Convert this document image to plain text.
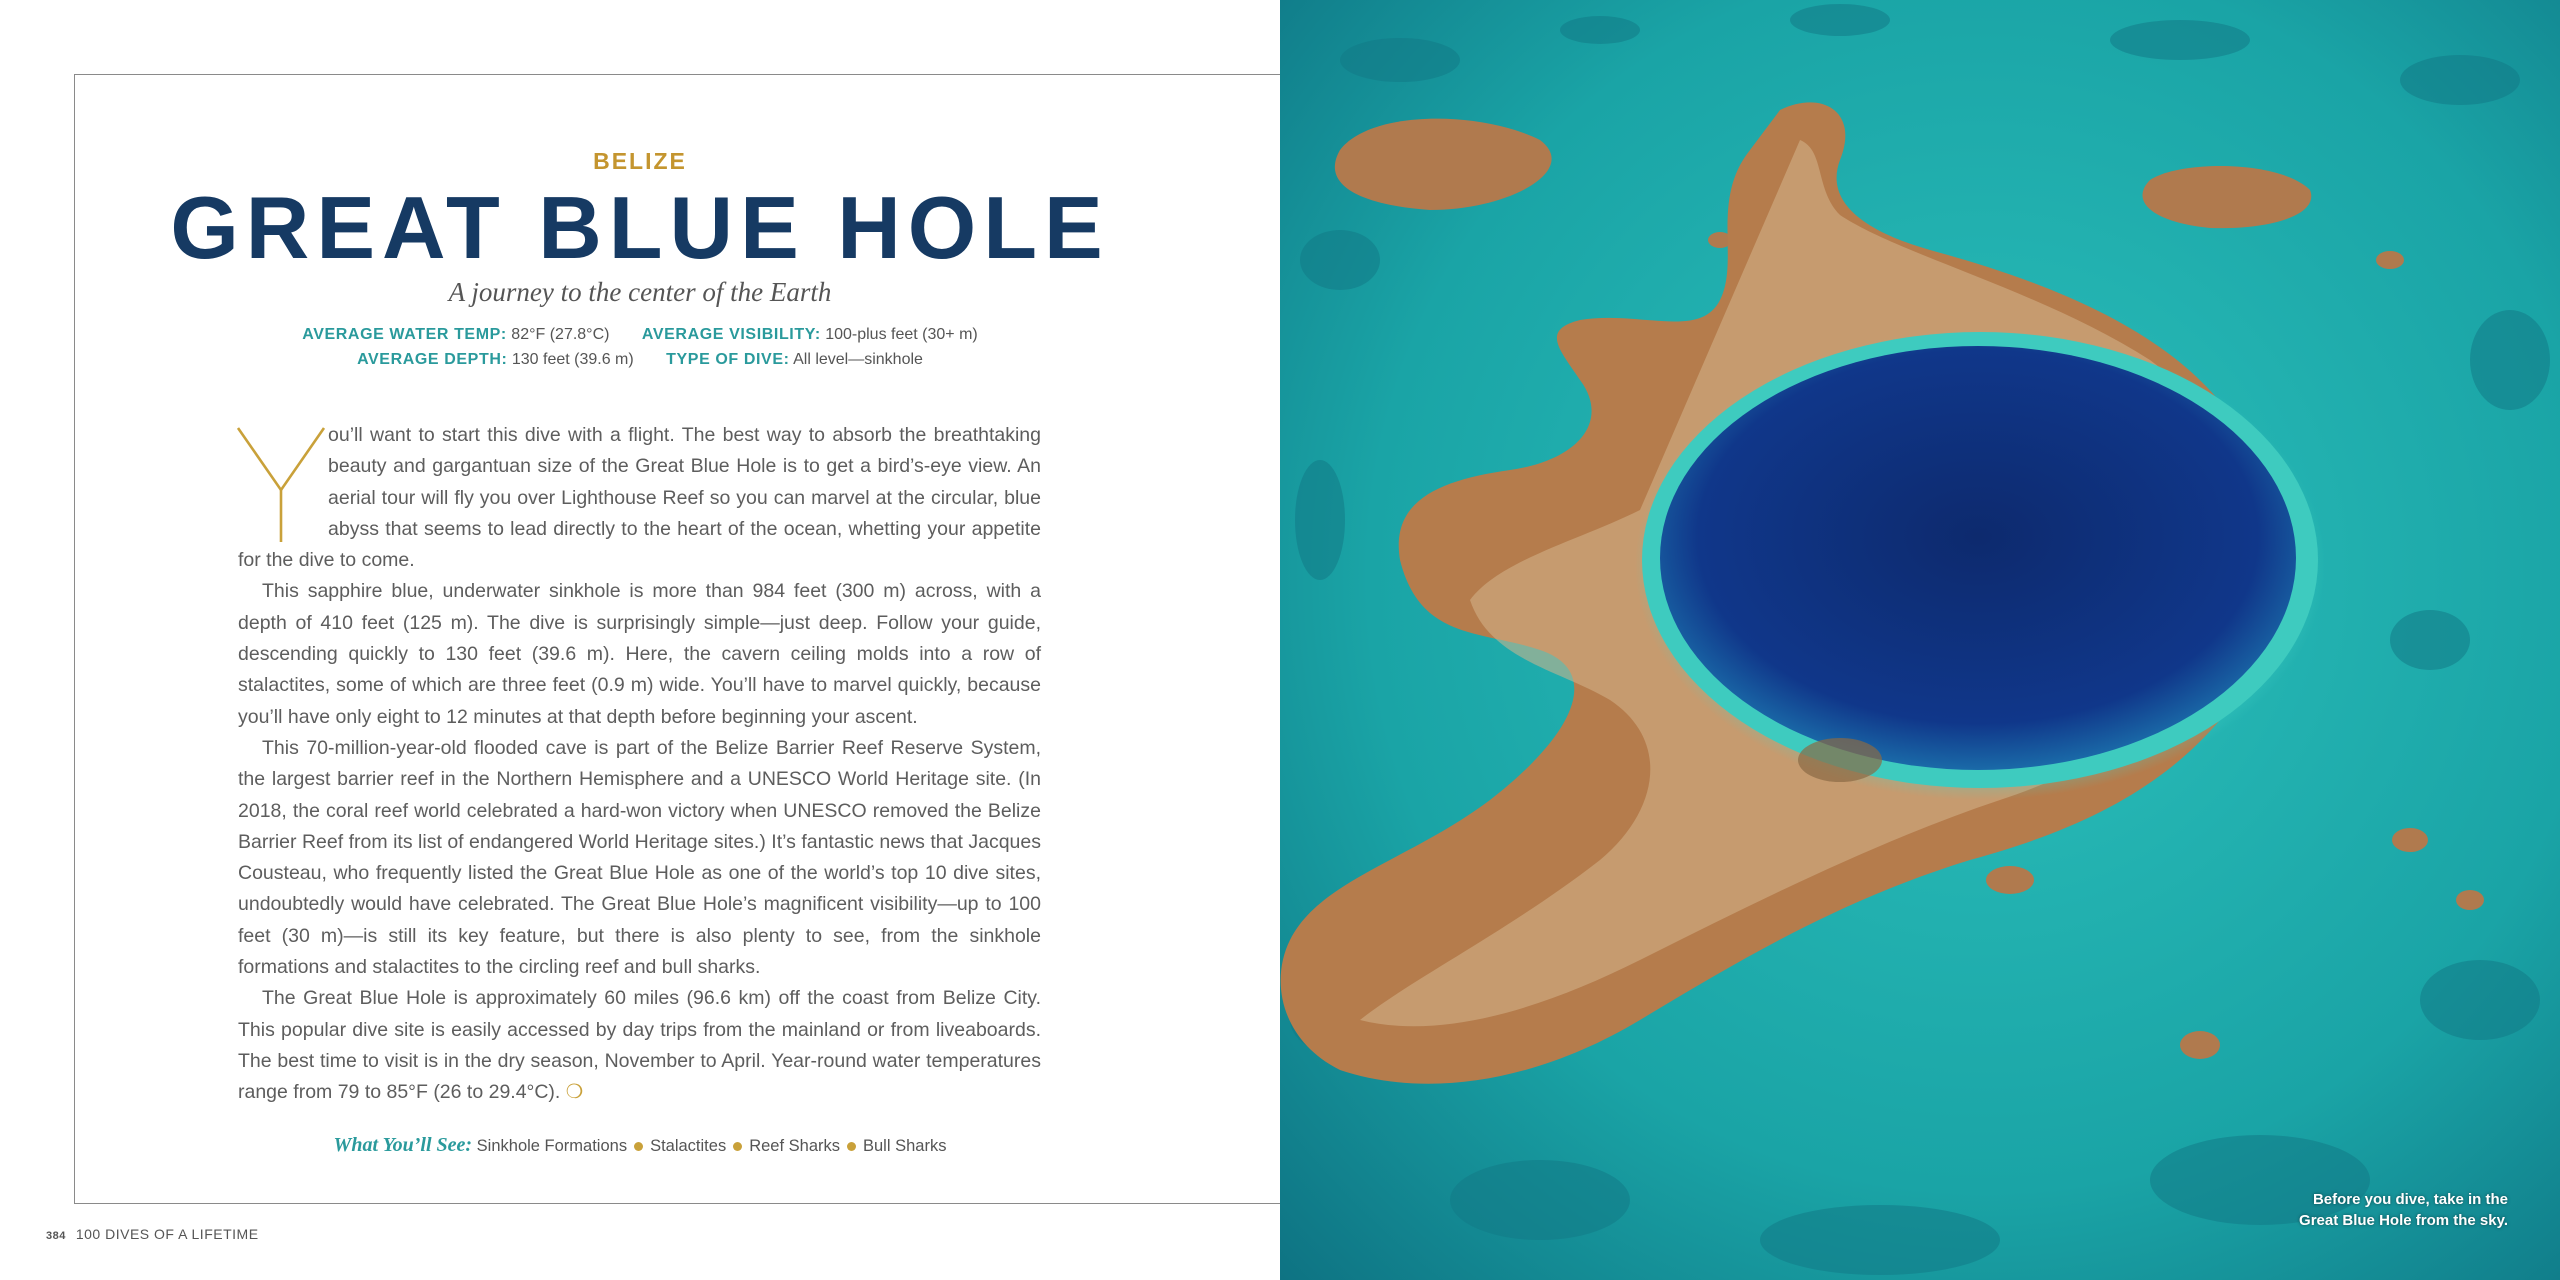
BELIZE
GREAT BLUE HOLE
A journey to the center of the Earth
AVERAGE WATER TEMP: 82°F (27.8°C) AVERAGE VISIBILITY: 100-plus feet (30+ m)
AVERAGE DEPTH: 130 feet (39.6 m) TYPE OF DIVE: All level—sinkhole
Y

ou’ll want to start this dive with a flight. The best way to absorb the breathtaking beauty and gargantuan size of the Great Blue Hole is to get a bird’s-eye view. An aerial tour will fly you over Lighthouse Reef so you can marvel at the circular, blue abyss that seems to lead directly to the heart of the ocean, whetting your appetite for the dive to come.

This sapphire blue, underwater sinkhole is more than 984 feet (300 m) across, with a depth of 410 feet (125 m). The dive is surprisingly simple—just deep. Follow your guide, descending quickly to 130 feet (39.6 m). Here, the cavern ceiling molds into a row of stalactites, some of which are three feet (0.9 m) wide. You’ll have to marvel quickly, because you’ll have only eight to 12 minutes at that depth before beginning your ascent.

This 70-million-year-old flooded cave is part of the Belize Barrier Reef Reserve System, the largest barrier reef in the Northern Hemisphere and a UNESCO World Heritage site. (In 2018, the coral reef world celebrated a hard-won victory when UNESCO removed the Belize Barrier Reef from its list of endangered World Heritage sites.) It’s fantastic news that Jacques Cousteau, who frequently listed the Great Blue Hole as one of the world’s top 10 dive sites, undoubtedly would have celebrated. The Great Blue Hole’s magnificent visibility—up to 100 feet (30 m)—is still its key feature, but there is also plenty to see, from the sinkhole formations and stalactites to the circling reef and bull sharks.

The Great Blue Hole is approximately 60 miles (96.6 km) off the coast from Belize City. This popular dive site is easily accessed by day trips from the mainland or from liveaboards. The best time to visit is in the dry season, November to April. Year-round water temperatures range from 79 to 85°F (26 to 29.4°C). ❍

What You’ll See: Sinkhole Formations Stalactites Reef Sharks Bull Sharks
384 100 DIVES OF A LIFETIME
Before you dive, take in the
Great Blue Hole from the sky.
